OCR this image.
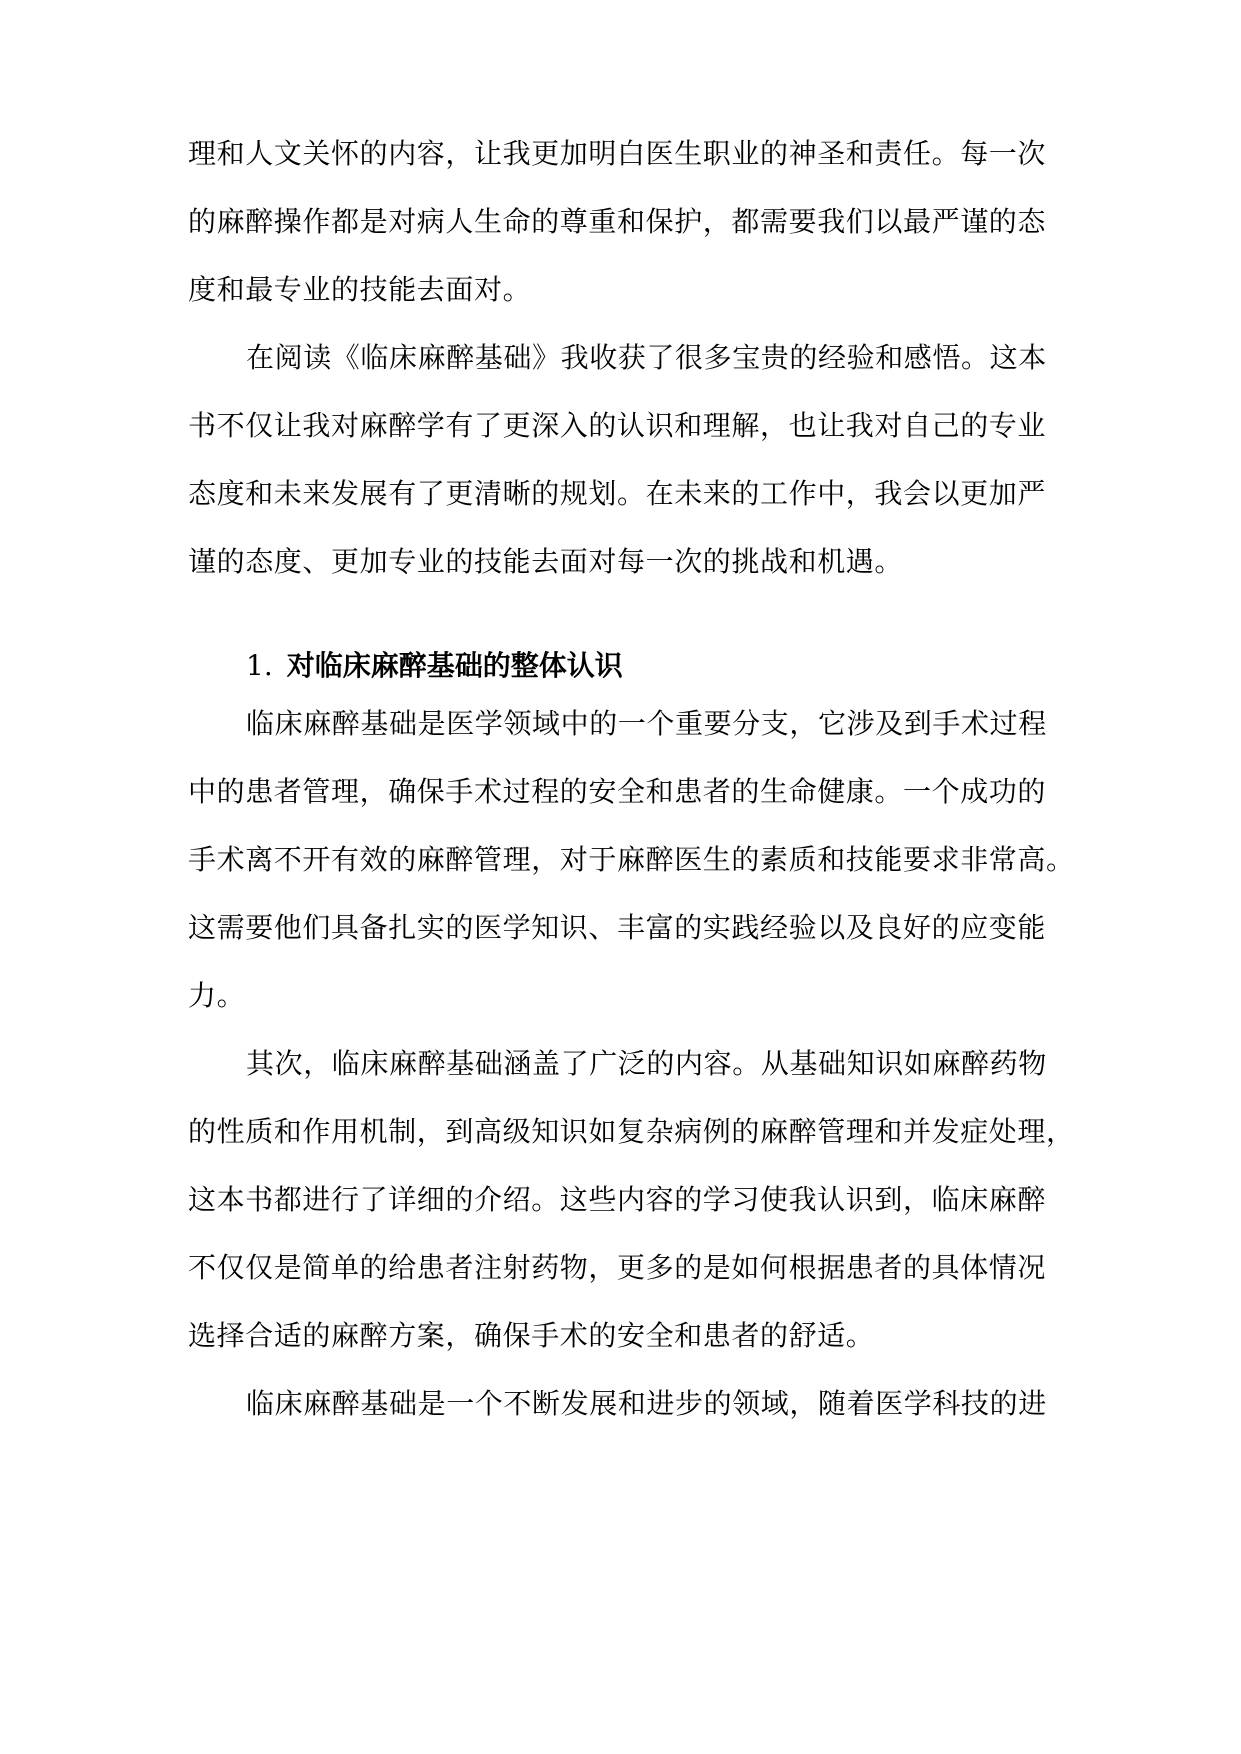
理和人文关怀的内容，让我更加明白医生职业的神圣和责任。每一次
的麻醉操作都是对病人生命的尊重和保护，都需要我们以最严谨的态
度和最专业的技能去面对。
在阅读《临床麻醉基础》我收获了很多宝贵的经验和感悟。这本
书不仅让我对麻醉学有了更深入的认识和理解，也让我对自己的专业
态度和未来发展有了更清晰的规划。在未来的工作中，我会以更加严
谨的态度、更加专业的技能去面对每一次的挑战和机遇。
1. 对临床麻醉基础的整体认识
临床麻醉基础是医学领域中的一个重要分支，它涉及到手术过程
中的患者管理，确保手术过程的安全和患者的生命健康。一个成功的
手术离不开有效的麻醉管理，对于麻醉医生的素质和技能要求非常高。
这需要他们具备扎实的医学知识、丰富的实践经验以及良好的应变能
力。
其次，临床麻醉基础涵盖了广泛的内容。从基础知识如麻醉药物
的性质和作用机制，到高级知识如复杂病例的麻醉管理和并发症处理，
这本书都进行了详细的介绍。这些内容的学习使我认识到，临床麻醉
不仅仅是简单的给患者注射药物，更多的是如何根据患者的具体情况
选择合适的麻醉方案，确保手术的安全和患者的舒适。
临床麻醉基础是一个不断发展和进步的领域，随着医学科技的进
